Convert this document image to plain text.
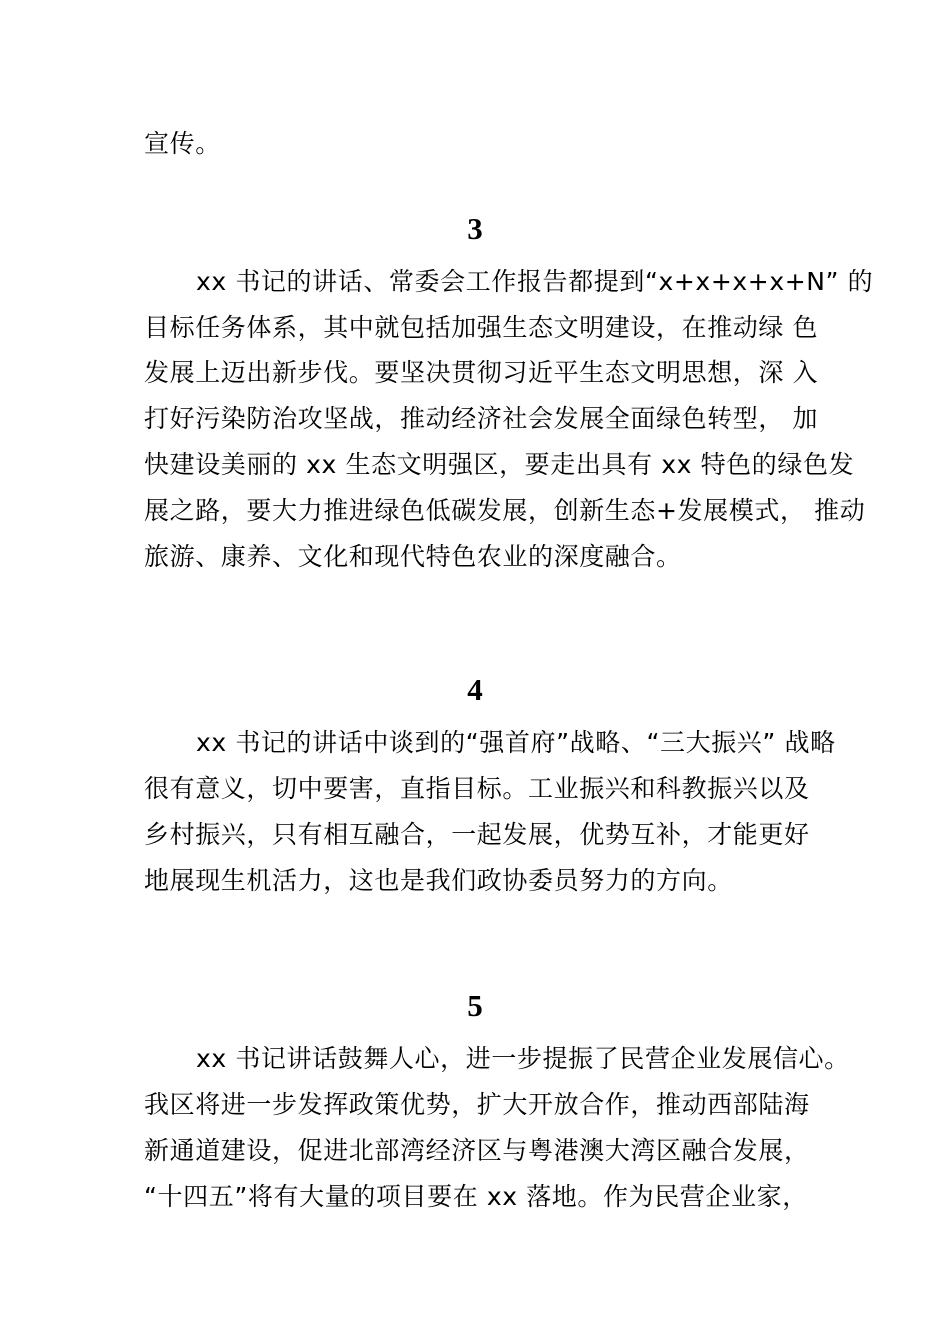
宣传。
3
xx 书记的讲话、常委会工作报告都提到“x+x+x+x+N” 的
目标任务体系，其中就包括加强生态文明建设，在推动绿 色
发展上迈出新步伐。要坚决贯彻习近平生态文明思想，深 入
打好污染防治攻坚战，推动经济社会发展全面绿色转型， 加
快建设美丽的 xx 生态文明强区，要走出具有 xx 特色的绿色发
展之路，要大力推进绿色低碳发展，创新生态+发展模式， 推动
旅游、康养、文化和现代特色农业的深度融合。
4
xx 书记的讲话中谈到的“强首府”战略、“三大振兴” 战略
很有意义，切中要害，直指目标。工业振兴和科教振兴以及
乡村振兴，只有相互融合，一起发展，优势互补，才能更好
地展现生机活力，这也是我们政协委员努力的方向。
5
xx 书记讲话鼓舞人心，进一步提振了民营企业发展信心。
我区将进一步发挥政策优势，扩大开放合作，推动西部陆海
新通道建设，促进北部湾经济区与粤港澳大湾区融合发展，
“十四五”将有大量的项目要在 xx 落地。作为民营企业家，
